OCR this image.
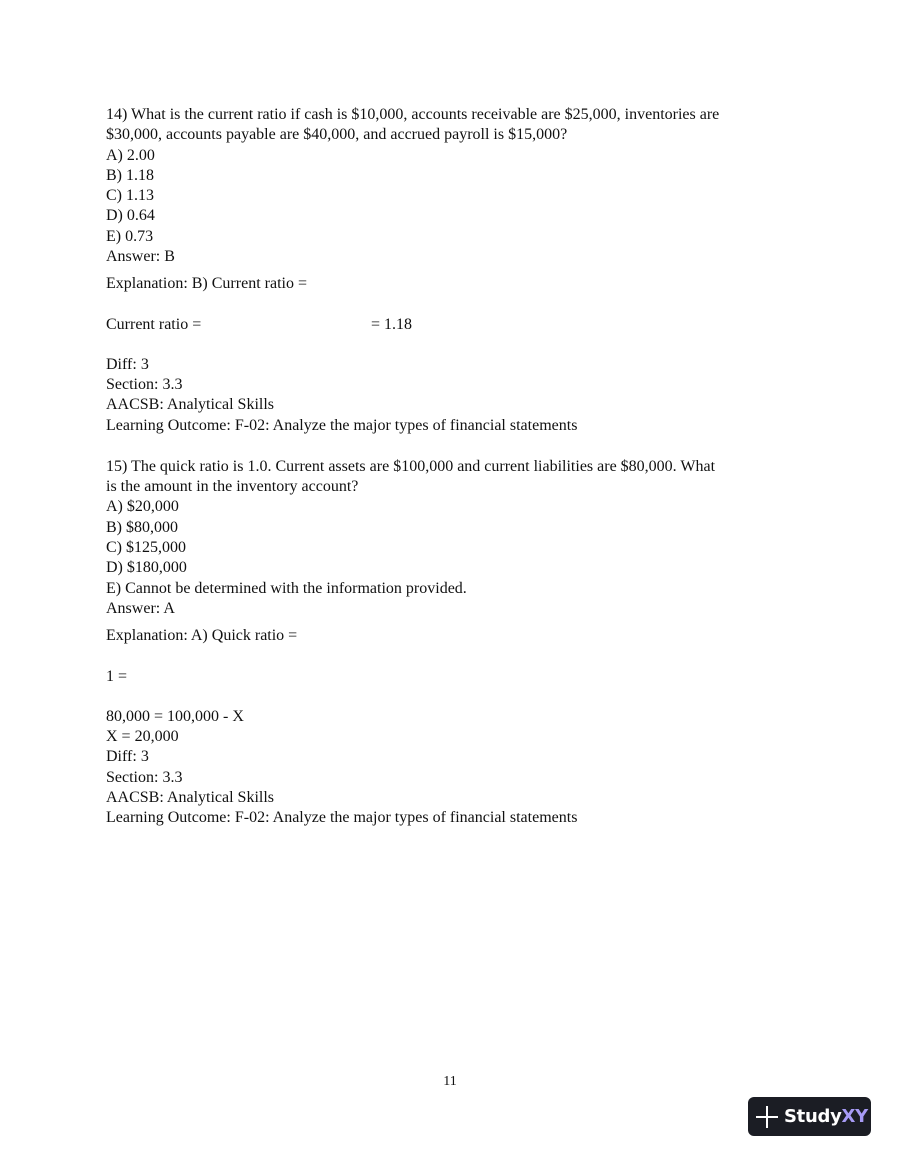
14) What is the current ratio if cash is $10,000, accounts receivable are $25,000, inventories are
$30,000, accounts payable are $40,000, and accrued payroll is $15,000?
A) 2.00
B) 1.18
C) 1.13
D) 0.64
E) 0.73
Answer: B
Explanation: B) Current ratio =
Current ratio =	= 1.18
Diff: 3
Section: 3.3
AACSB: Analytical Skills
Learning Outcome: F-02: Analyze the major types of financial statements
15) The quick ratio is 1.0. Current assets are $100,000 and current liabilities are $80,000. What
is the amount in the inventory account?
A) $20,000
B) $80,000
C) $125,000
D) $180,000
E) Cannot be determined with the information provided.
Answer: A
Explanation: A) Quick ratio =
1 =
80,000 = 100,000 - X
X = 20,000
Diff: 3
Section: 3.3
AACSB: Analytical Skills
Learning Outcome: F-02: Analyze the major types of financial statements
11
StudyXY
